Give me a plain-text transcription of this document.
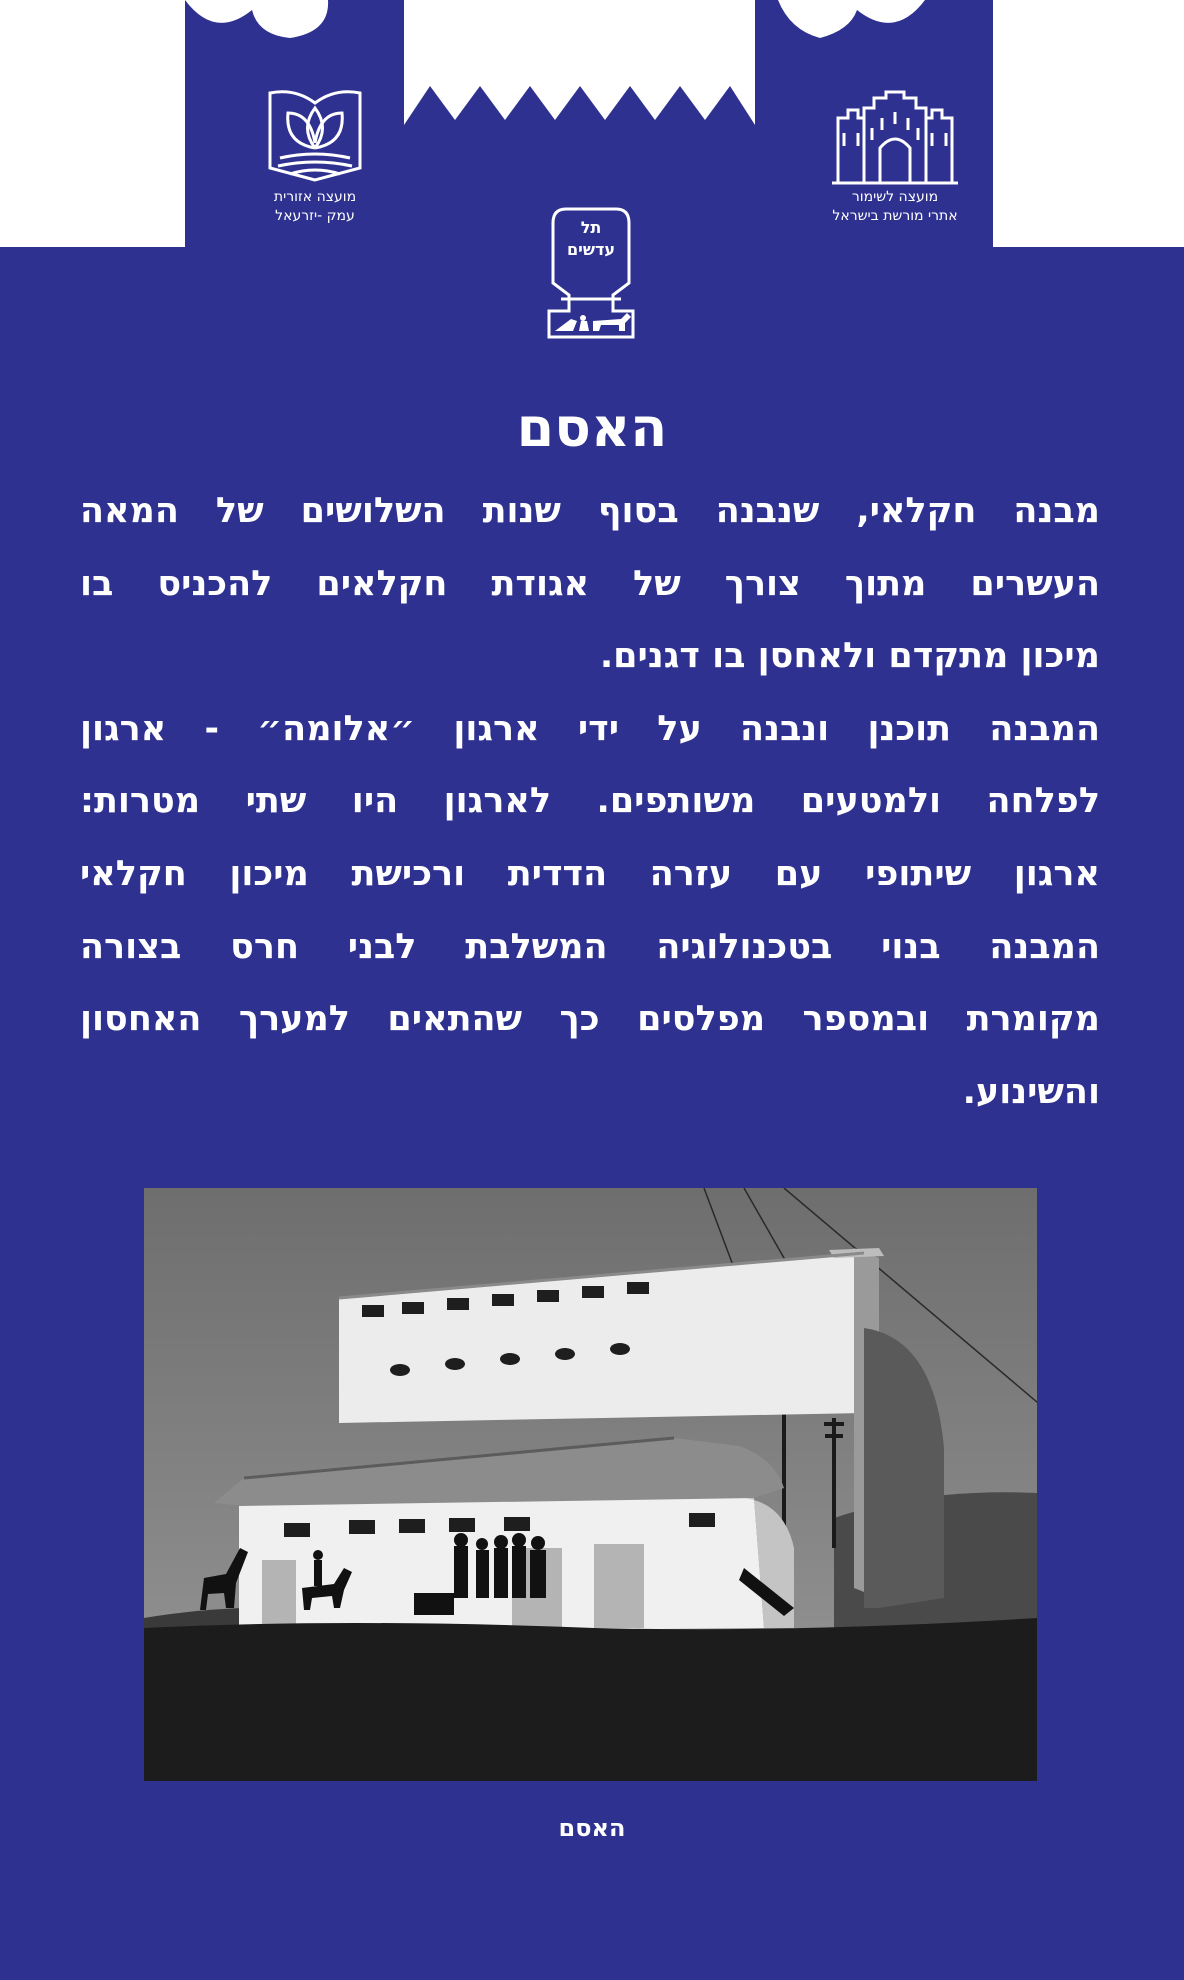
מועצה אזורית
עמק -יזרעאל
מועצה לשימור
אתרי מורשת בישראל
תל
עדשים
האסם
מבנה חקלאי, שנבנה בסוף שנות השלושים של המאה
העשרים מתוך צורך של אגודת חקלאים להכניס בו
מיכון מתקדם ולאחסן בו דגנים.
המבנה תוכנן ונבנה על ידי ארגון ״אלומה״ - ארגון
לפלחה ולמטעים משותפים. לארגון היו שתי מטרות:
ארגון שיתופי עם עזרה הדדית ורכישת מיכון חקלאי
המבנה בנוי בטכנולוגיה המשלבת לבני חרס בצורה
מקומרת ובמספר מפלסים כך שהתאים למערך האחסון
והשינוע.
האסם
